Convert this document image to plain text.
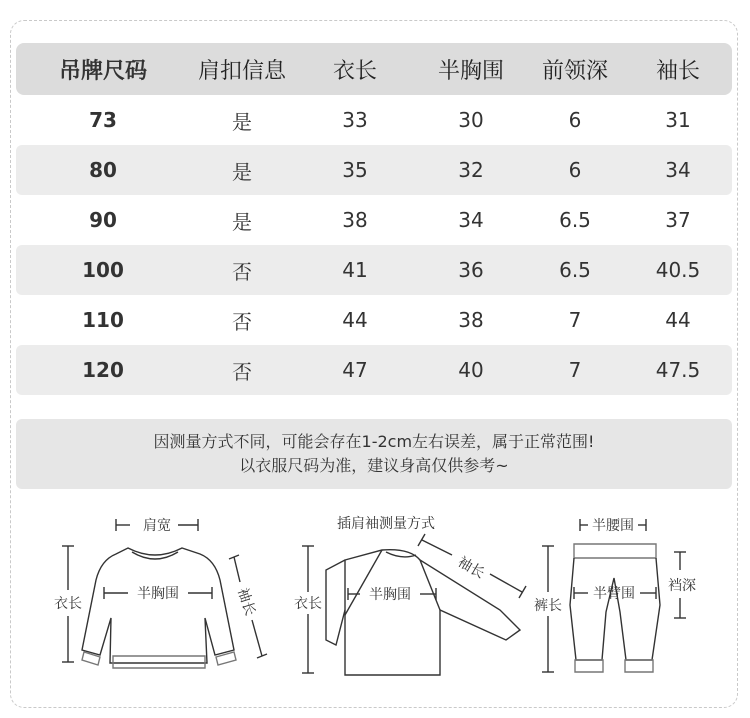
吊牌尺码	肩扣信息	衣长	半胸围	前领深	袖长
73	是	33	30	6	31
80	是	35	32	6	34
90	是	38	34	6.5	37
100	否	41	36	6.5	40.5
110	否	44	38	7	44
120	否	47	40	7	47.5
因测量方式不同，可能会存在1-2cm左右误差，属于正常范围!
以衣服尺码为准，建议身高仅供参考~
肩宽
半胸围
衣长	袖长
插肩袖测量方式
半胸围
衣长
袖长
半腰围
半臂围
裤长
裆深
